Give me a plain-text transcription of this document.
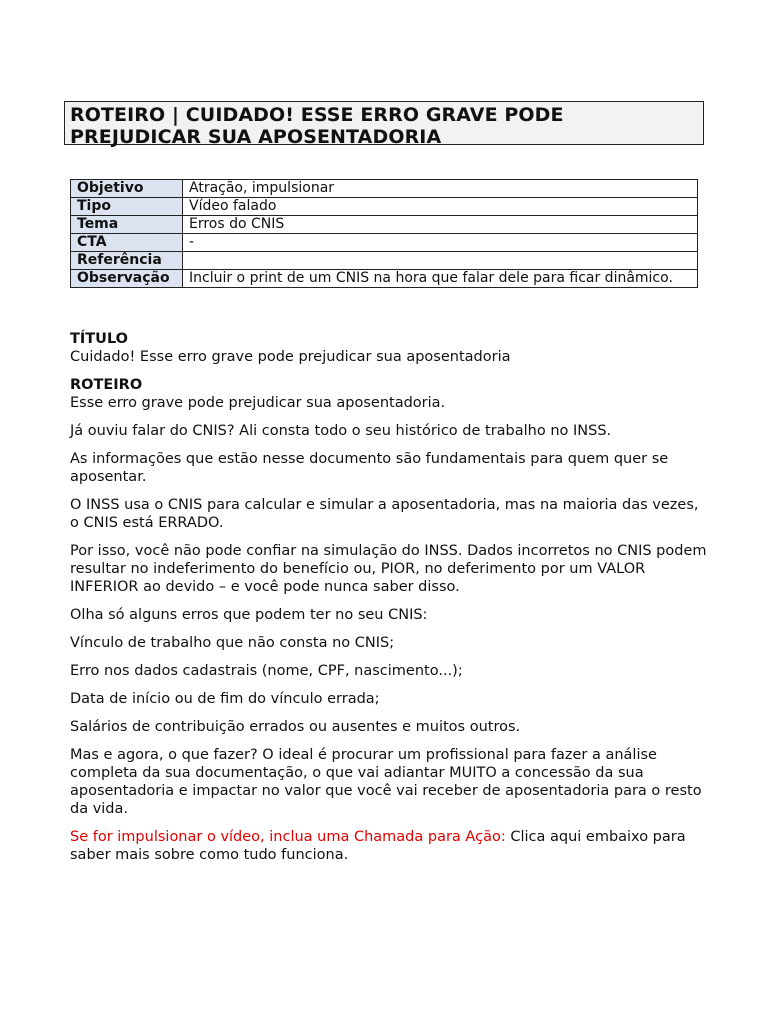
ROTEIRO | CUIDADO! ESSE ERRO GRAVE PODE PREJUDICAR SUA APOSENTADORIA
Objetivo	Atração, impulsionar
Tipo	Vídeo falado
Tema	Erros do CNIS
CTA	-
Referência	
Observação	Incluir o print de um CNIS na hora que falar dele para ficar dinâmico.
TÍTULO

Cuidado! Esse erro grave pode prejudicar sua aposentadoria

ROTEIRO

Esse erro grave pode prejudicar sua aposentadoria.

Já ouviu falar do CNIS? Ali consta todo o seu histórico de trabalho no INSS.

As informações que estão nesse documento são fundamentais para quem quer se aposentar.

O INSS usa o CNIS para calcular e simular a aposentadoria, mas na maioria das vezes, o CNIS está ERRADO.

Por isso, você não pode confiar na simulação do INSS. Dados incorretos no CNIS podem resultar no indeferimento do benefício ou, PIOR, no deferimento por um VALOR INFERIOR ao devido – e você pode nunca saber disso.

Olha só alguns erros que podem ter no seu CNIS:

Vínculo de trabalho que não consta no CNIS;

Erro nos dados cadastrais (nome, CPF, nascimento...);

Data de início ou de fim do vínculo errada;

Salários de contribuição errados ou ausentes e muitos outros.

Mas e agora, o que fazer? O ideal é procurar um profissional para fazer a análise completa da sua documentação, o que vai adiantar MUITO a concessão da sua aposentadoria e impactar no valor que você vai receber de aposentadoria para o resto da vida.

Se for impulsionar o vídeo, inclua uma Chamada para Ação: Clica aqui embaixo para saber mais sobre como tudo funciona.
